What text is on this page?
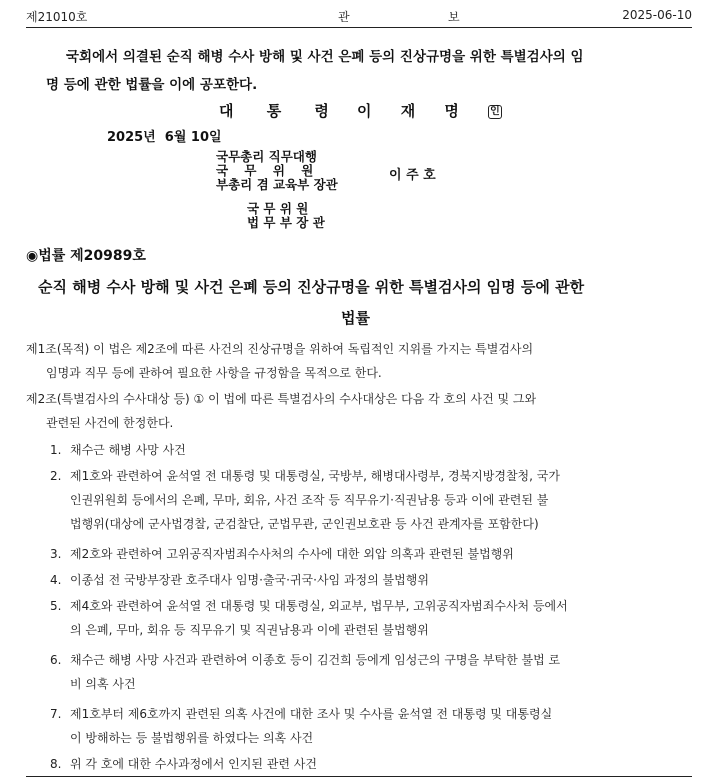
제21010호	관	보	2025-06-10
국회에서 의결된 순직 해병 수사 방해 및 사건 은폐 등의 진상규명을 위한 특별검사의 임
명 등에 관한 법률을 이에 공포한다.
대 통 령 이 재 명 인
2025년  6월 10일
국무총리 직무대행
국 무 위 원
부총리 겸 교육부 장관
이 주 호
국 무 위 원
법 무 부 장 관
◉법률 제20989호
순직 해병 수사 방해 및 사건 은폐 등의 진상규명을 위한 특별검사의 임명 등에 관한
법률
제1조(목적) 이 법은 제2조에 따른 사건의 진상규명을 위하여 독립적인 지위를 가지는 특별검사의
임명과 직무 등에 관하여 필요한 사항을 규정함을 목적으로 한다.
제2조(특별검사의 수사대상 등) ① 이 법에 따른 특별검사의 수사대상은 다음 각 호의 사건 및 그와
관련된 사건에 한정한다.
1. 채수근 해병 사망 사건
2. 제1호와 관련하여 윤석열 전 대통령 및 대통령실, 국방부, 해병대사령부, 경북지방경찰청, 국가
인권위원회 등에서의 은폐, 무마, 회유, 사건 조작 등 직무유기·직권남용 등과 이에 관련된 불
법행위(대상에 군사법경찰, 군검찰단, 군법무관, 군인권보호관 등 사건 관계자를 포함한다)
3. 제2호와 관련하여 고위공직자범죄수사처의 수사에 대한 외압 의혹과 관련된 불법행위
4. 이종섭 전 국방부장관 호주대사 임명·출국·귀국·사임 과정의 불법행위
5. 제4호와 관련하여 윤석열 전 대통령 및 대통령실, 외교부, 법무부, 고위공직자범죄수사처 등에서
의 은폐, 무마, 회유 등 직무유기 및 직권남용과 이에 관련된 불법행위
6. 채수근 해병 사망 사건과 관련하여 이종호 등이 김건희 등에게 임성근의 구명을 부탁한 불법 로
비 의혹 사건
7. 제1호부터 제6호까지 관련된 의혹 사건에 대한 조사 및 수사를 윤석열 전 대통령 및 대통령실
이 방해하는 등 불법행위를 하였다는 의혹 사건
8. 위 각 호에 대한 수사과정에서 인지된 관련 사건
